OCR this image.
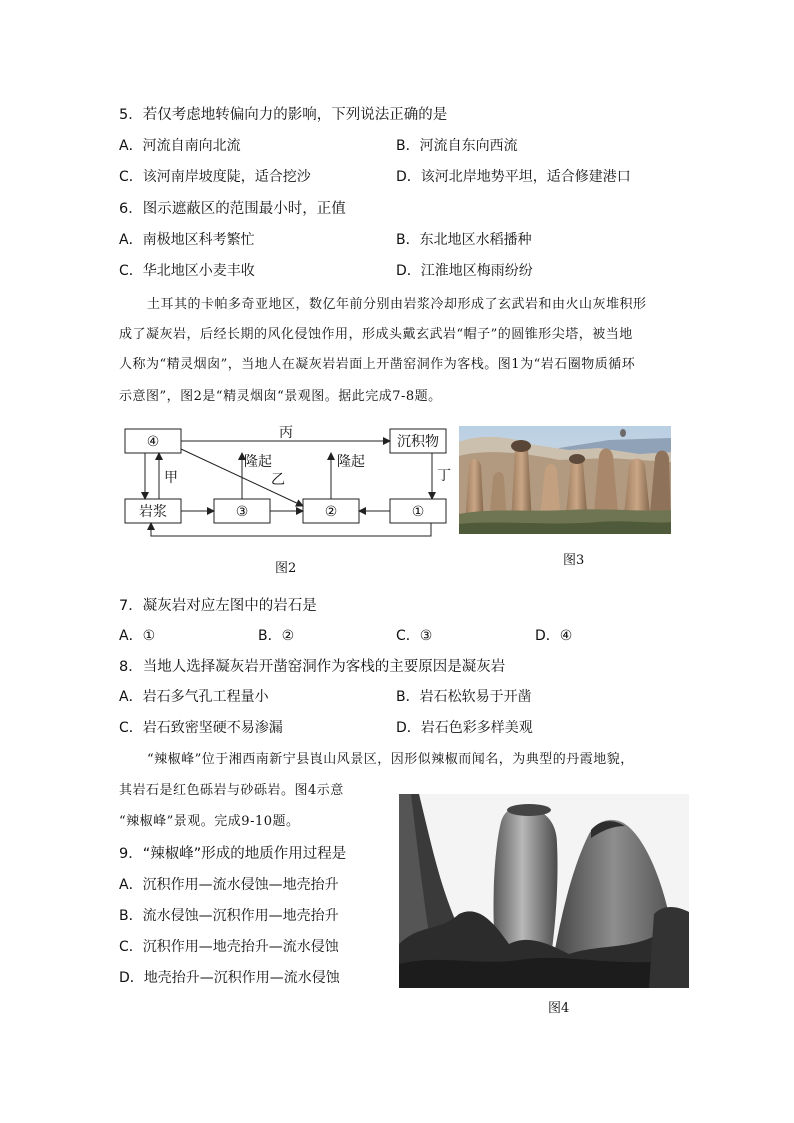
5．若仅考虑地转偏向力的影响，下列说法正确的是
A．河流自南向北流	B．河流自东向西流
C．该河南岸坡度陡，适合挖沙	D．该河北岸地势平坦，适合修建港口
6．图示遮蔽区的范围最小时，正值
A．南极地区科考繁忙	B．东北地区水稻播种
C．华北地区小麦丰收	D．江淮地区梅雨纷纷
土耳其的卡帕多奇亚地区，数亿年前分别由岩浆冷却形成了玄武岩和由火山灰堆积形
成了凝灰岩，后经长期的风化侵蚀作用，形成头戴玄武岩“帽子”的圆锥形尖塔，被当地
人称为“精灵烟囱”，当地人在凝灰岩岩面上开凿窑洞作为客栈。图1为“岩石圈物质循环
示意图”，图2是“精灵烟囱“景观图。据此完成7-8题。
④	沉积物
岩浆	③	②	①
丙
甲	乙	丁
隆起	隆起
图2
图3
7．凝灰岩对应左图中的岩石是
A．①	B．②	C．③	D．④
8．当地人选择凝灰岩开凿窑洞作为客栈的主要原因是凝灰岩
A．岩石多气孔工程量小	B．岩石松软易于开凿
C．岩石致密坚硬不易渗漏	D．岩石色彩多样美观
“辣椒峰”位于湘西南新宁县崀山风景区，因形似辣椒而闻名，为典型的丹霞地貌，
其岩石是红色砾岩与砂砾岩。图4示意
“辣椒峰”景观。完成9-10题。
9．“辣椒峰”形成的地质作用过程是
A．沉积作用—流水侵蚀—地壳抬升
B．流水侵蚀—沉积作用—地壳抬升
C．沉积作用—地壳抬升—流水侵蚀
D．地壳抬升—沉积作用—流水侵蚀
图4
